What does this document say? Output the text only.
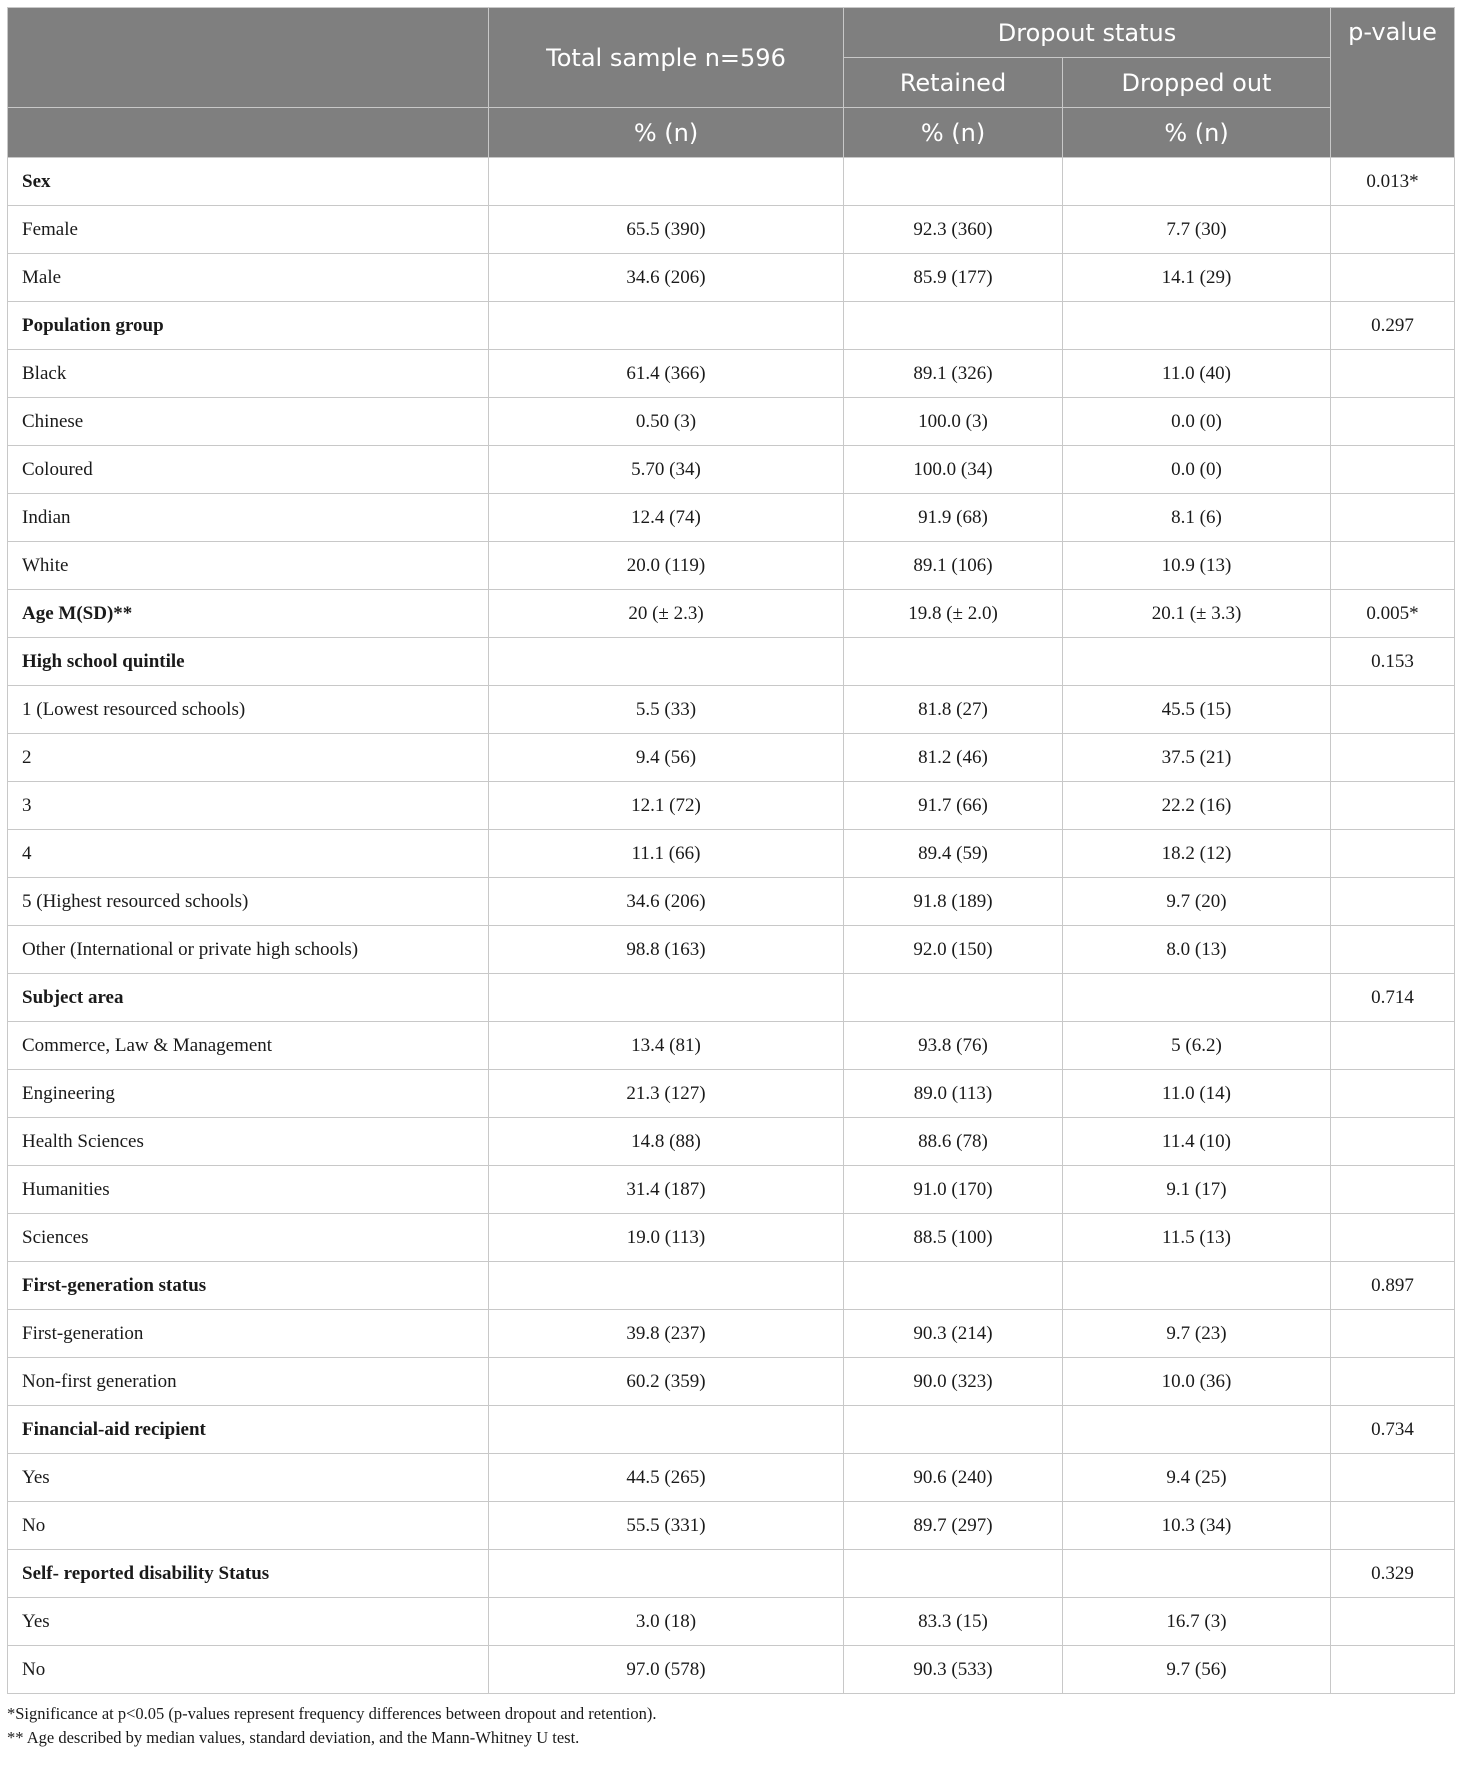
	Total sample n=596	Dropout status		p-value
		Retained	Dropped out	
	% (n)	% (n)	% (n)	
Sex				0.013*
Female	65.5 (390)	92.3 (360)	7.7 (30)	
Male	34.6 (206)	85.9 (177)	14.1 (29)	
Population group				0.297
Black	61.4 (366)	89.1 (326)	11.0 (40)	
Chinese	0.50 (3)	100.0 (3)	0.0 (0)	
Coloured	5.70 (34)	100.0 (34)	0.0 (0)	
Indian	12.4 (74)	91.9 (68)	8.1 (6)	
White	20.0 (119)	89.1 (106)	10.9 (13)	
Age M(SD)**	20 (± 2.3)	19.8 (± 2.0)	20.1 (± 3.3)	0.005*
High school quintile				0.153
1 (Lowest resourced schools)	5.5 (33)	81.8 (27)	45.5 (15)	
2	9.4 (56)	81.2 (46)	37.5 (21)	
3	12.1 (72)	91.7 (66)	22.2 (16)	
4	11.1 (66)	89.4 (59)	18.2 (12)	
5 (Highest resourced schools)	34.6 (206)	91.8 (189)	9.7 (20)	
Other (International or private high schools)	98.8 (163)	92.0 (150)	8.0 (13)	
Subject area				0.714
Commerce, Law & Management	13.4 (81)	93.8 (76)	5 (6.2)	
Engineering	21.3 (127)	89.0 (113)	11.0 (14)	
Health Sciences	14.8 (88)	88.6 (78)	11.4 (10)	
Humanities	31.4 (187)	91.0 (170)	9.1 (17)	
Sciences	19.0 (113)	88.5 (100)	11.5 (13)	
First-generation status				0.897
First-generation	39.8 (237)	90.3 (214)	9.7 (23)	
Non-first generation	60.2 (359)	90.0 (323)	10.0 (36)	
Financial-aid recipient				0.734
Yes	44.5 (265)	90.6 (240)	9.4 (25)	
No	55.5 (331)	89.7 (297)	10.3 (34)	
Self- reported disability Status				0.329
Yes	3.0 (18)	83.3 (15)	16.7 (3)	
No	97.0 (578)	90.3 (533)	9.7 (56)	
*Significance at p<0.05 (p-values represent frequency differences between dropout and retention).
** Age described by median values, standard deviation, and the Mann-Whitney U test.
